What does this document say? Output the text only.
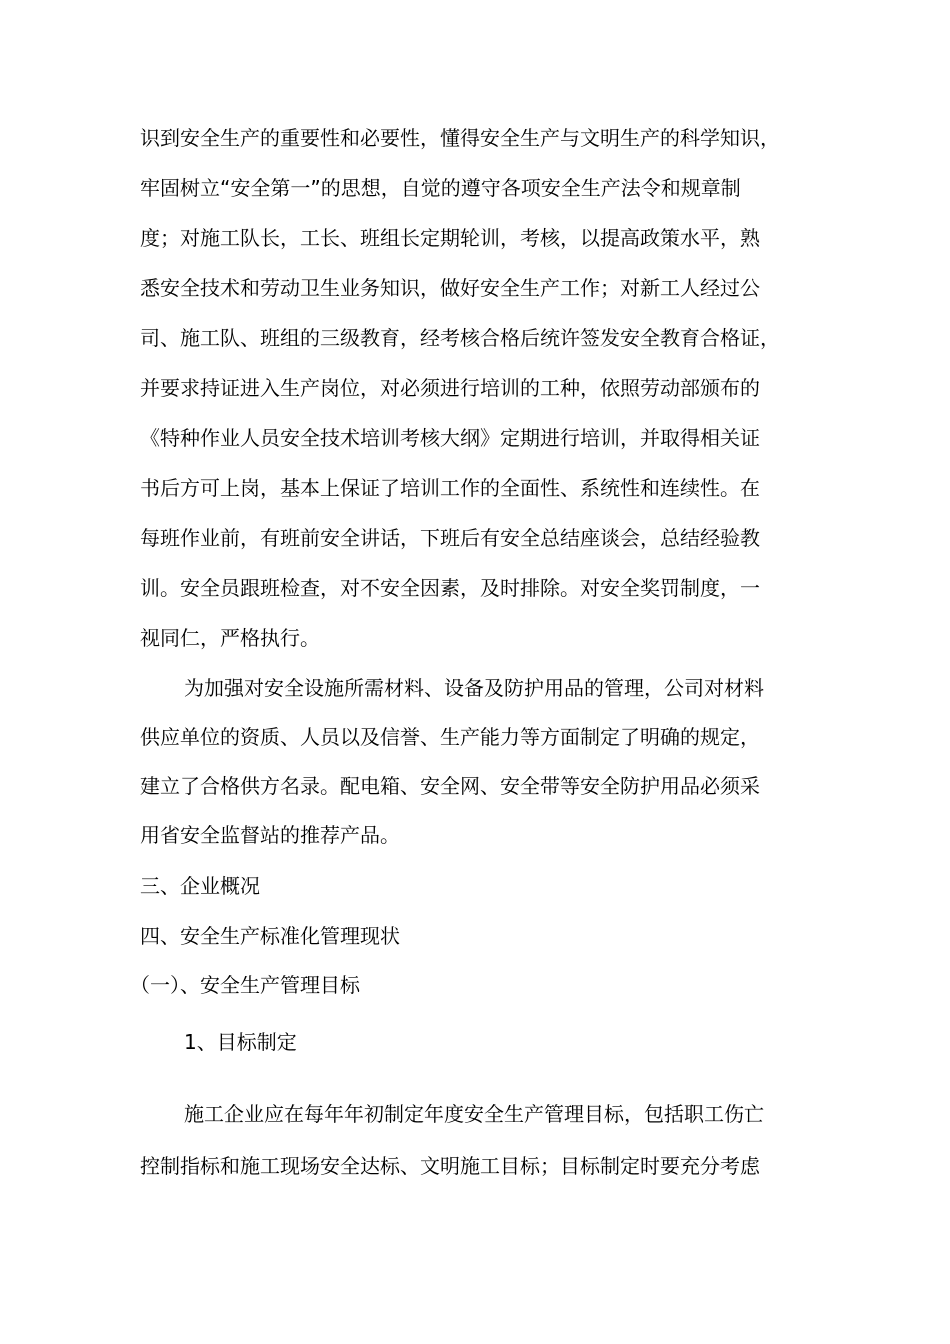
识到安全生产的重要性和必要性，懂得安全生产与文明生产的科学知识，

牢固树立“安全第一”的思想，自觉的遵守各项安全生产法令和规章制

度；对施工队长，工长、班组长定期轮训，考核，以提高政策水平，熟

悉安全技术和劳动卫生业务知识，做好安全生产工作；对新工人经过公

司、施工队、班组的三级教育，经考核合格后统许签发安全教育合格证，

并要求持证进入生产岗位，对必须进行培训的工种，依照劳动部颁布的

《特种作业人员安全技术培训考核大纲》定期进行培训，并取得相关证

书后方可上岗，基本上保证了培训工作的全面性、系统性和连续性。在

每班作业前，有班前安全讲话，下班后有安全总结座谈会，总结经验教

训。安全员跟班检查，对不安全因素，及时排除。对安全奖罚制度，一

视同仁，严格执行。

为加强对安全设施所需材料、设备及防护用品的管理，公司对材料

供应单位的资质、人员以及信誉、生产能力等方面制定了明确的规定，

建立了合格供方名录。配电箱、安全网、安全带等安全防护用品必须采

用省安全监督站的推荐产品。

三、企业概况

四、安全生产标准化管理现状

（一）、安全生产管理目标

1、目标制定

施工企业应在每年年初制定年度安全生产管理目标，包括职工伤亡

控制指标和施工现场安全达标、文明施工目标；目标制定时要充分考虑
